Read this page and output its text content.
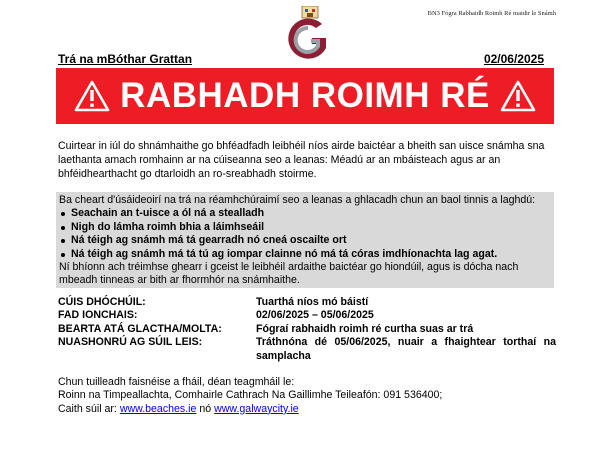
BN3 Fógra Rabhaidh Roimh Ré maidir le Snámh
Trá na mBóthar Grattan	02/06/2025
RABHADH ROIMH RÉ
Cuirtear in iúl do shnámhaithe go bhféadfadh leibhéil níos airde baictéar a bheith san uisce snámha sna laethanta amach romhainn ar na cúiseanna seo a leanas: Méadú ar an mbáisteach agus ar an bhféidhearthacht go dtarloidh an ro-sreabhadh stoirme.
Ba cheart d'úsáideoirí na trá na réamhchúraimí seo a leanas a ghlacadh chun an baol tinnis a laghdú:
Seachain an t-uisce a ól ná a stealladh
Nigh do lámha roimh bhia a láimhseáil
Ná téigh ag snámh má tá gearradh nó cneá oscailte ort
Ná téigh ag snámh má tá tú ag iompar clainne nó má tá córas imdhíonachta lag agat.
Ní bhíonn ach tréimhse ghearr i gceist le leibhéil ardaithe baictéar go hiondúil, agus is dócha nach mbeadh tinneas ar bith ar fhormhór na snámhaithe.
CÚIS DHÓCHÚIL:	Tuarthá níos mó báistí
FAD IONCHAIS:	02/06/2025 – 05/06/2025
BEARTA ATÁ GLACTHA/MOLTA:	Fógraí rabhaidh roimh ré curtha suas ar trá
NUASHONRÚ AG SÚIL LEIS:	Tráthnóna dé 05/06/2025, nuair a fhaightear torthaí na samplacha
Chun tuilleadh faisnéise a fháil, déan teagmháil le:
Roinn na Timpeallachta, Comhairle Cathrach Na Gaillimhe Teileafón: 091 536400;
Caith súil ar: www.beaches.ie nó www.galwaycity.ie
